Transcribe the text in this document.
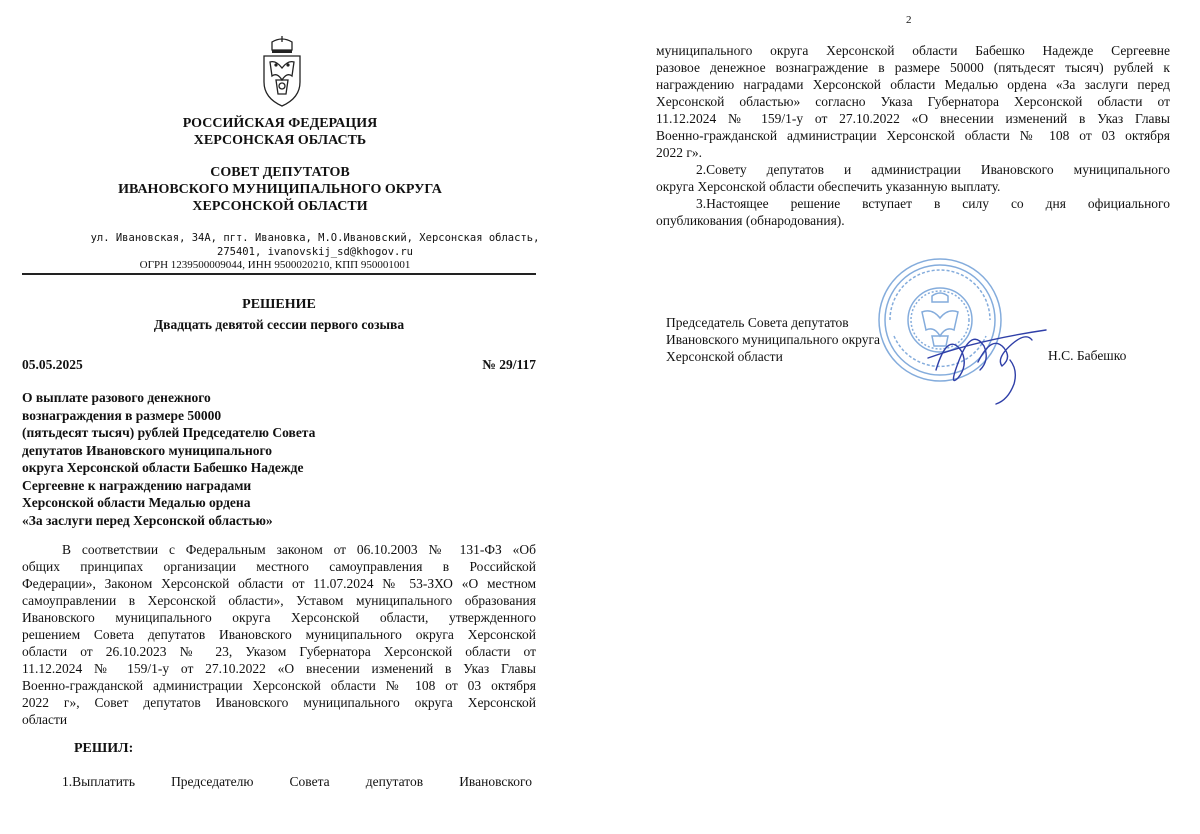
РОССИЙСКАЯ ФЕДЕРАЦИЯ
ХЕРСОНСКАЯ ОБЛАСТЬ
СОВЕТ ДЕПУТАТОВ
ИВАНОВСКОГО МУНИЦИПАЛЬНОГО ОКРУГА
ХЕРСОНСКОЙ ОБЛАСТИ
ул. Ивановская, 34А, пгт. Ивановка, М.О.Ивановский, Херсонская область,
275401, ivanovskij_sd@khogov.ru
ОГРН 1239500009044, ИНН 9500020210, КПП 950001001
РЕШЕНИЕ
Двадцать девятой сессии первого созыва
05.05.2025	№ 29/117
О выплате разового денежного
вознаграждения в размере 50000
(пятьдесят тысяч) рублей Председателю Совета
депутатов Ивановского муниципального
округа Херсонской области Бабешко Надежде
Сергеевне к награждению наградами
Херсонской области Медалью ордена
«За заслуги перед Херсонской областью»
В соответствии с Федеральным законом от 06.10.2003 № 131-ФЗ «Об
общих принципах организации местного самоуправления в Российской
Федерации», Законом Херсонской области от 11.07.2024 № 53-ЗХО «О местном
самоуправлении в Херсонской области», Уставом муниципального образования
Ивановского муниципального округа Херсонской области, утвержденного
решением Совета депутатов Ивановского муниципального округа Херсонской
области от 26.10.2023 № 23, Указом Губернатора Херсонской области от
11.12.2024 № 159/1-у от 27.10.2022 «О внесении изменений в Указ Главы
Военно-гражданской администрации Херсонской области № 108 от 03 октября
2022 г», Совет депутатов Ивановского муниципального округа Херсонской
области
РЕШИЛ:
1.Выплатить	Председателю	Совета	депутатов	Ивановского
2
муниципального округа Херсонской области Бабешко Надежде Сергеевне
разовое денежное вознаграждение в размере 50000 (пятьдесят тысяч) рублей к
награждению наградами Херсонской области Медалью ордена «За заслуги перед
Херсонской областью» согласно Указа Губернатора Херсонской области от
11.12.2024 № 159/1-у от 27.10.2022 «О внесении изменений в Указ Главы
Военно-гражданской администрации Херсонской области № 108 от 03 октября
2022 г».
2.Совету депутатов и администрации Ивановского муниципального
округа Херсонской области обеспечить указанную выплату.
3.Настоящее решение вступает в силу со дня официального
опубликования (обнародования).
Председатель Совета депутатов
Ивановского муниципального округа
Херсонской области	Н.С. Бабешко
